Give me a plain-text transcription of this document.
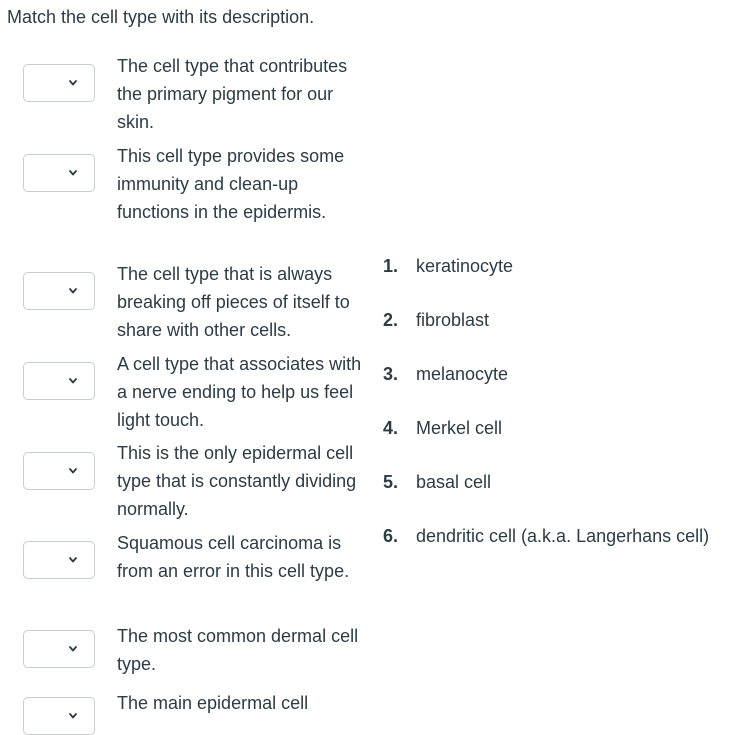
Match the cell type with its description.
The cell type that contributes the primary pigment for our skin.
This cell type provides some immunity and clean-up functions in the epidermis.
The cell type that is always breaking off pieces of itself to share with other cells.
A cell type that associates with a nerve ending to help us feel light touch.
This is the only epidermal cell type that is constantly dividing normally.
Squamous cell carcinoma is from an error in this cell type.
The most common dermal cell type.
The main epidermal cell
1. keratinocyte
2. fibroblast
3. melanocyte
4. Merkel cell
5. basal cell
6. dendritic cell (a.k.a. Langerhans cell)
